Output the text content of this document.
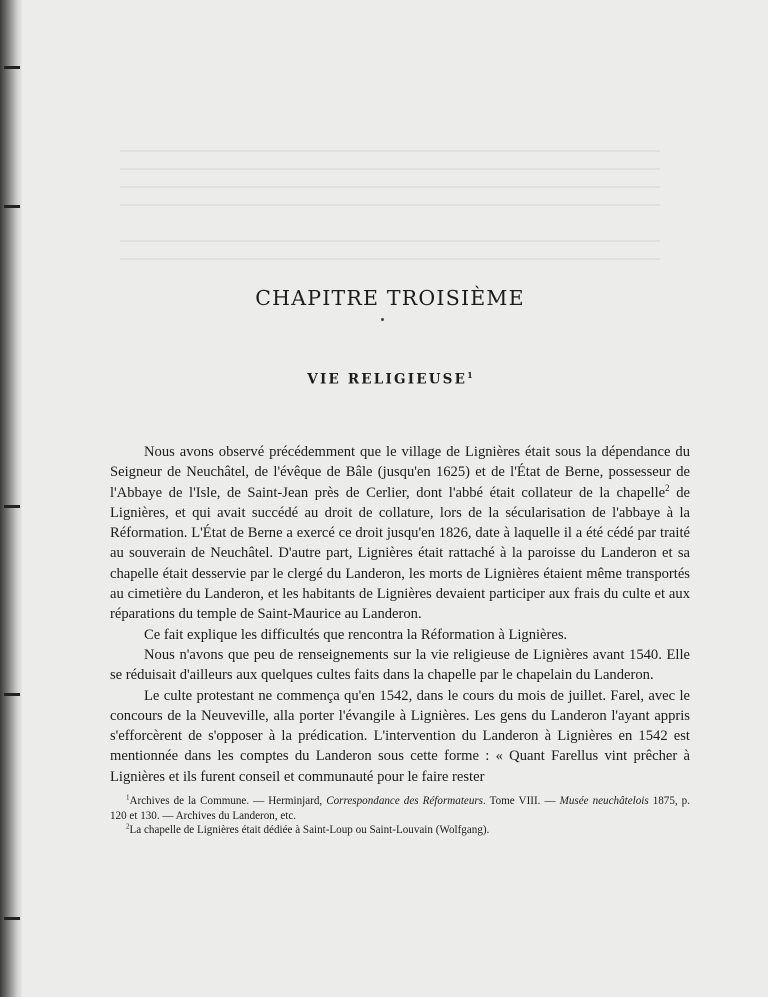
CHAPITRE TROISIÈME
VIE RELIGIEUSE$^1$

Nous avons observé précédemment que le village de Lignières était sous la dépendance du Seigneur de Neuchâtel, de l'évêque de Bâle (jusqu'en 1625) et de l'État de Berne, possesseur de l'Abbaye de l'Isle, de Saint-Jean près de Cerlier, dont l'abbé était collateur de la chapelle$^2$ de Lignières, et qui avait succédé au droit de collature, lors de la sécularisation de l'abbaye à la Réformation. L'État de Berne a exercé ce droit jusqu'en 1826, date à laquelle il a été cédé par traité au souverain de Neuchâtel. D'autre part, Lignières était rattaché à la paroisse du Landeron et sa chapelle était desservie par le clergé du Landeron, les morts de Lignières étaient même transportés au cimetière du Landeron, et les habitants de Lignières devaient participer aux frais du culte et aux réparations du temple de Saint-Maurice au Landeron.

Ce fait explique les difficultés que rencontra la Réformation à Lignières.

Nous n'avons que peu de renseignements sur la vie religieuse de Lignières avant 1540. Elle se réduisait d'ailleurs aux quelques cultes faits dans la chapelle par le chapelain du Landeron.

Le culte protestant ne commença qu'en 1542, dans le cours du mois de juillet. Farel, avec le concours de la Neuveville, alla porter l'évangile à Lignières. Les gens du Landeron l'ayant appris s'efforcèrent de s'opposer à la prédication. L'intervention du Landeron à Lignières en 1542 est mentionnée dans les comptes du Landeron sous cette forme : « Quant Farellus vint prêcher à Lignières et ils furent conseil et communauté pour le faire rester

$^1$Archives de la Commune. — Herminjard, Correspondance des Réformateurs. Tome VIII. — Musée neuchâtelois 1875, p. 120 et 130. — Archives du Landeron, etc.

$^2$La chapelle de Lignières était dédiée à Saint-Loup ou Saint-Louvain (Wolfgang).
